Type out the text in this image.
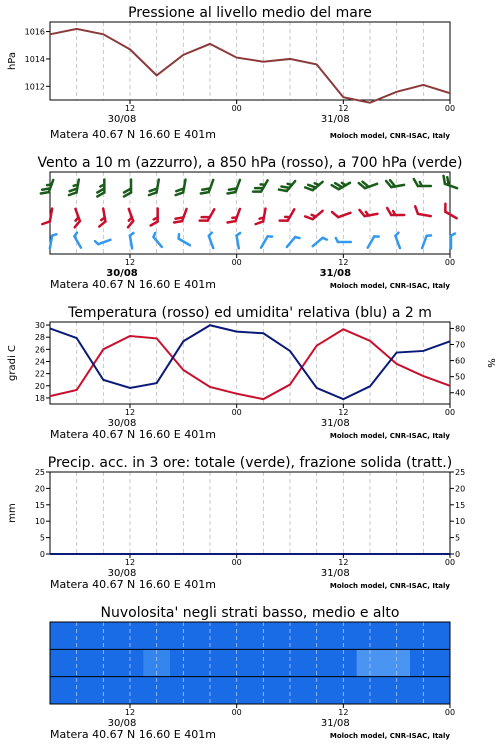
Pressione al livello medio del mare
1012
1014
1016
hPa
12	00	12	00
30/08	31/08
Matera 40.67 N 16.60 E 401m	Moloch model, CNR-ISAC, Italy
Vento a 10 m (azzurro), a 850 hPa (rosso), a 700 hPa (verde)
12	00	12	00
30/08	31/08
Matera 40.67 N 16.60 E 401m	Moloch model, CNR-ISAC, Italy
Temperatura (rosso) ed umidita' relativa (blu) a 2 m
18
20
22
24
26
28
30
40
50
60
70
80
gradi C	%
12	00	12	00
30/08	31/08
Matera 40.67 N 16.60 E 401m	Moloch model, CNR-ISAC, Italy
Precip. acc. in 3 ore: totale (verde), frazione solida (tratt.)
0
5
10
15
20
25
0
5
10
15
20
25
mm
12	00	12	00
30/08	31/08
Matera 40.67 N 16.60 E 401m	Moloch model, CNR-ISAC, Italy
Nuvolosita' negli strati basso, medio e alto
12	00	12	00
30/08	31/08
Matera 40.67 N 16.60 E 401m	Moloch model, CNR-ISAC, Italy
